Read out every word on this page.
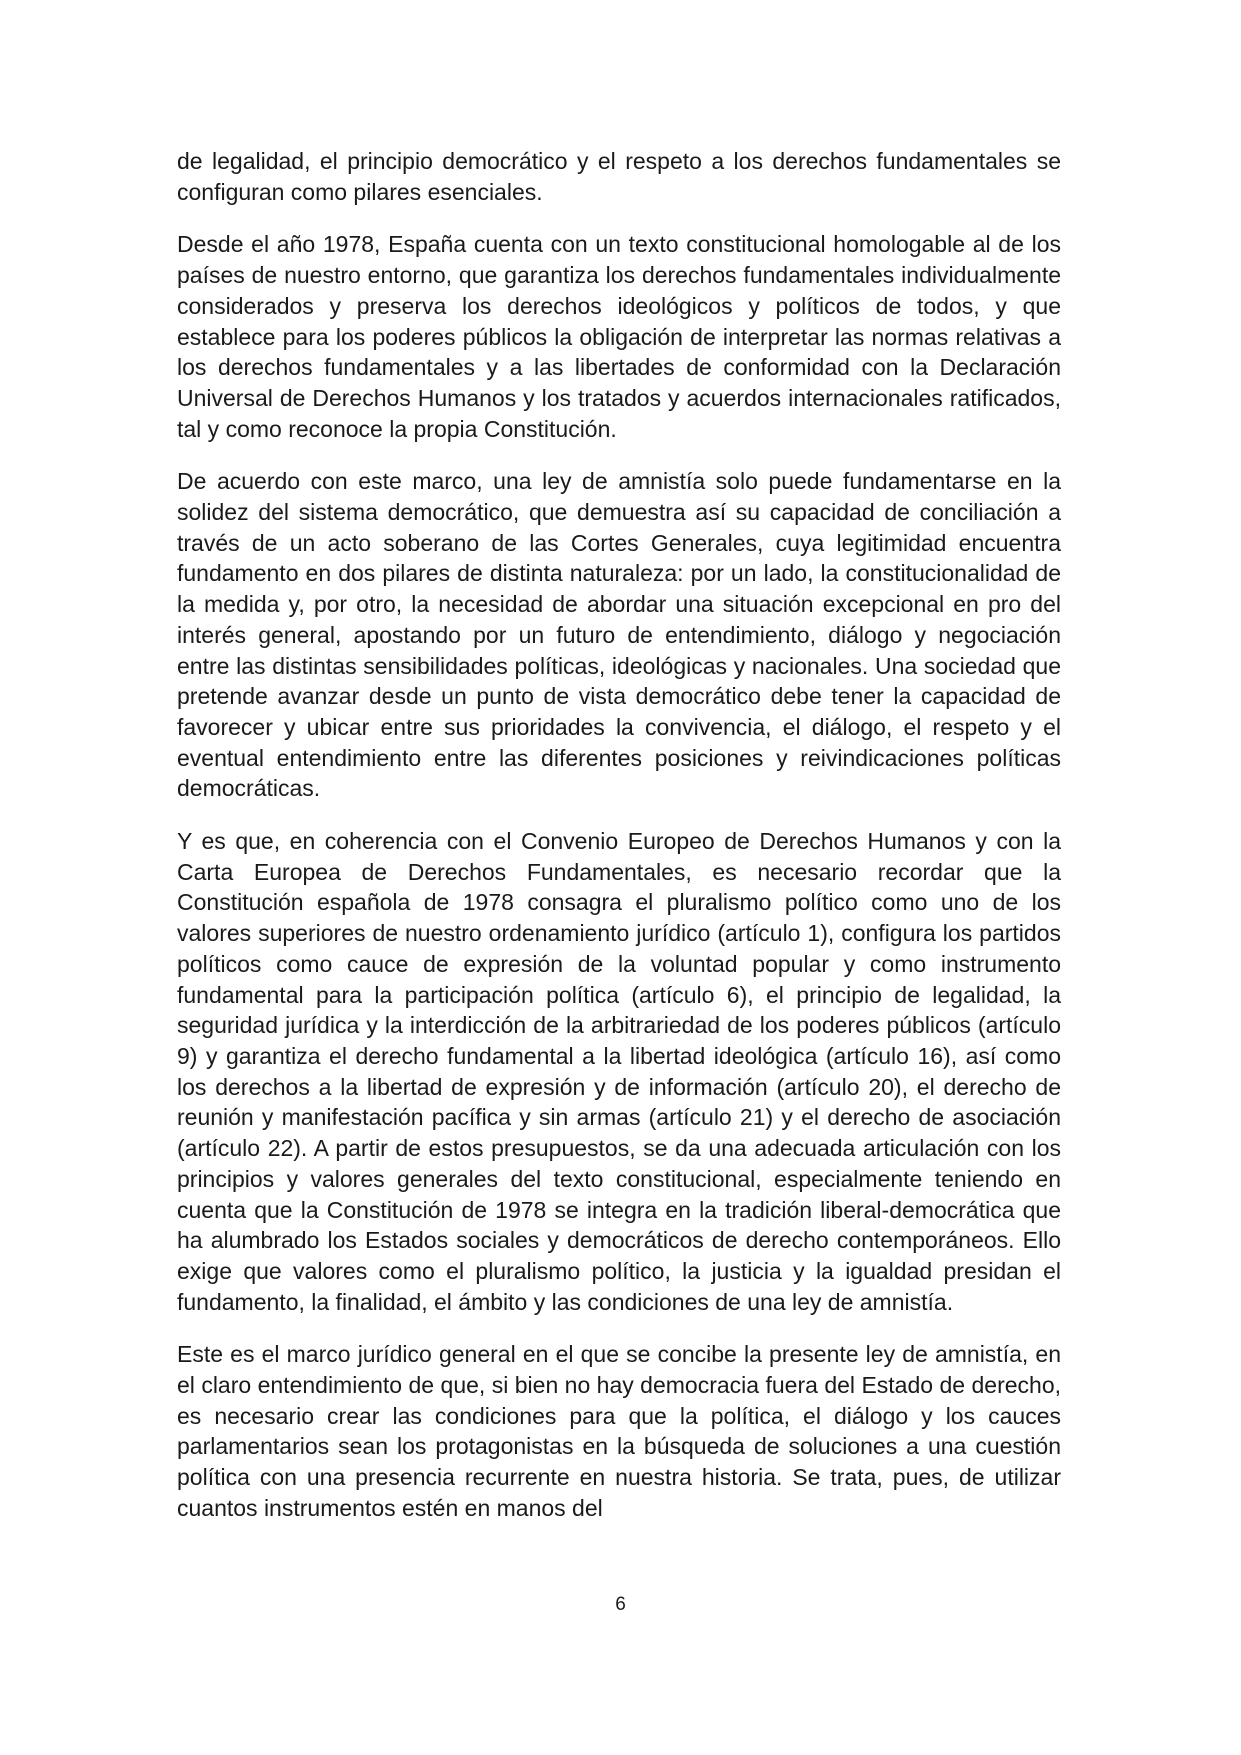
de legalidad, el principio democrático y el respeto a los derechos fundamentales se configuran como pilares esenciales.

Desde el año 1978, España cuenta con un texto constitucional homologable al de los países de nuestro entorno, que garantiza los derechos fundamentales individualmente considerados y preserva los derechos ideológicos y políticos de todos, y que establece para los poderes públicos la obligación de interpretar las normas relativas a los derechos fundamentales y a las libertades de conformidad con la Declaración Universal de Derechos Humanos y los tratados y acuerdos internacionales ratificados, tal y como reconoce la propia Constitución.

De acuerdo con este marco, una ley de amnistía solo puede fundamentarse en la solidez del sistema democrático, que demuestra así su capacidad de conciliación a través de un acto soberano de las Cortes Generales, cuya legitimidad encuentra fundamento en dos pilares de distinta naturaleza: por un lado, la constitucionalidad de la medida y, por otro, la necesidad de abordar una situación excepcional en pro del interés general, apostando por un futuro de entendimiento, diálogo y negociación entre las distintas sensibilidades políticas, ideológicas y nacionales. Una sociedad que pretende avanzar desde un punto de vista democrático debe tener la capacidad de favorecer y ubicar entre sus prioridades la convivencia, el diálogo, el respeto y el eventual entendimiento entre las diferentes posiciones y reivindicaciones políticas democráticas.

Y es que, en coherencia con el Convenio Europeo de Derechos Humanos y con la Carta Europea de Derechos Fundamentales, es necesario recordar que la Constitución española de 1978 consagra el pluralismo político como uno de los valores superiores de nuestro ordenamiento jurídico (artículo 1), configura los partidos políticos como cauce de expresión de la voluntad popular y como instrumento fundamental para la participación política (artículo 6), el principio de legalidad, la seguridad jurídica y la interdicción de la arbitrariedad de los poderes públicos (artículo 9) y garantiza el derecho fundamental a la libertad ideológica (artículo 16), así como los derechos a la libertad de expresión y de información (artículo 20), el derecho de reunión y manifestación pacífica y sin armas (artículo 21) y el derecho de asociación (artículo 22). A partir de estos presupuestos, se da una adecuada articulación con los principios y valores generales del texto constitucional, especialmente teniendo en cuenta que la Constitución de 1978 se integra en la tradición liberal-democrática que ha alumbrado los Estados sociales y democráticos de derecho contemporáneos. Ello exige que valores como el pluralismo político, la justicia y la igualdad presidan el fundamento, la finalidad, el ámbito y las condiciones de una ley de amnistía.

Este es el marco jurídico general en el que se concibe la presente ley de amnistía, en el claro entendimiento de que, si bien no hay democracia fuera del Estado de derecho, es necesario crear las condiciones para que la política, el diálogo y los cauces parlamentarios sean los protagonistas en la búsqueda de soluciones a una cuestión política con una presencia recurrente en nuestra historia. Se trata, pues, de utilizar cuantos instrumentos estén en manos del

6
